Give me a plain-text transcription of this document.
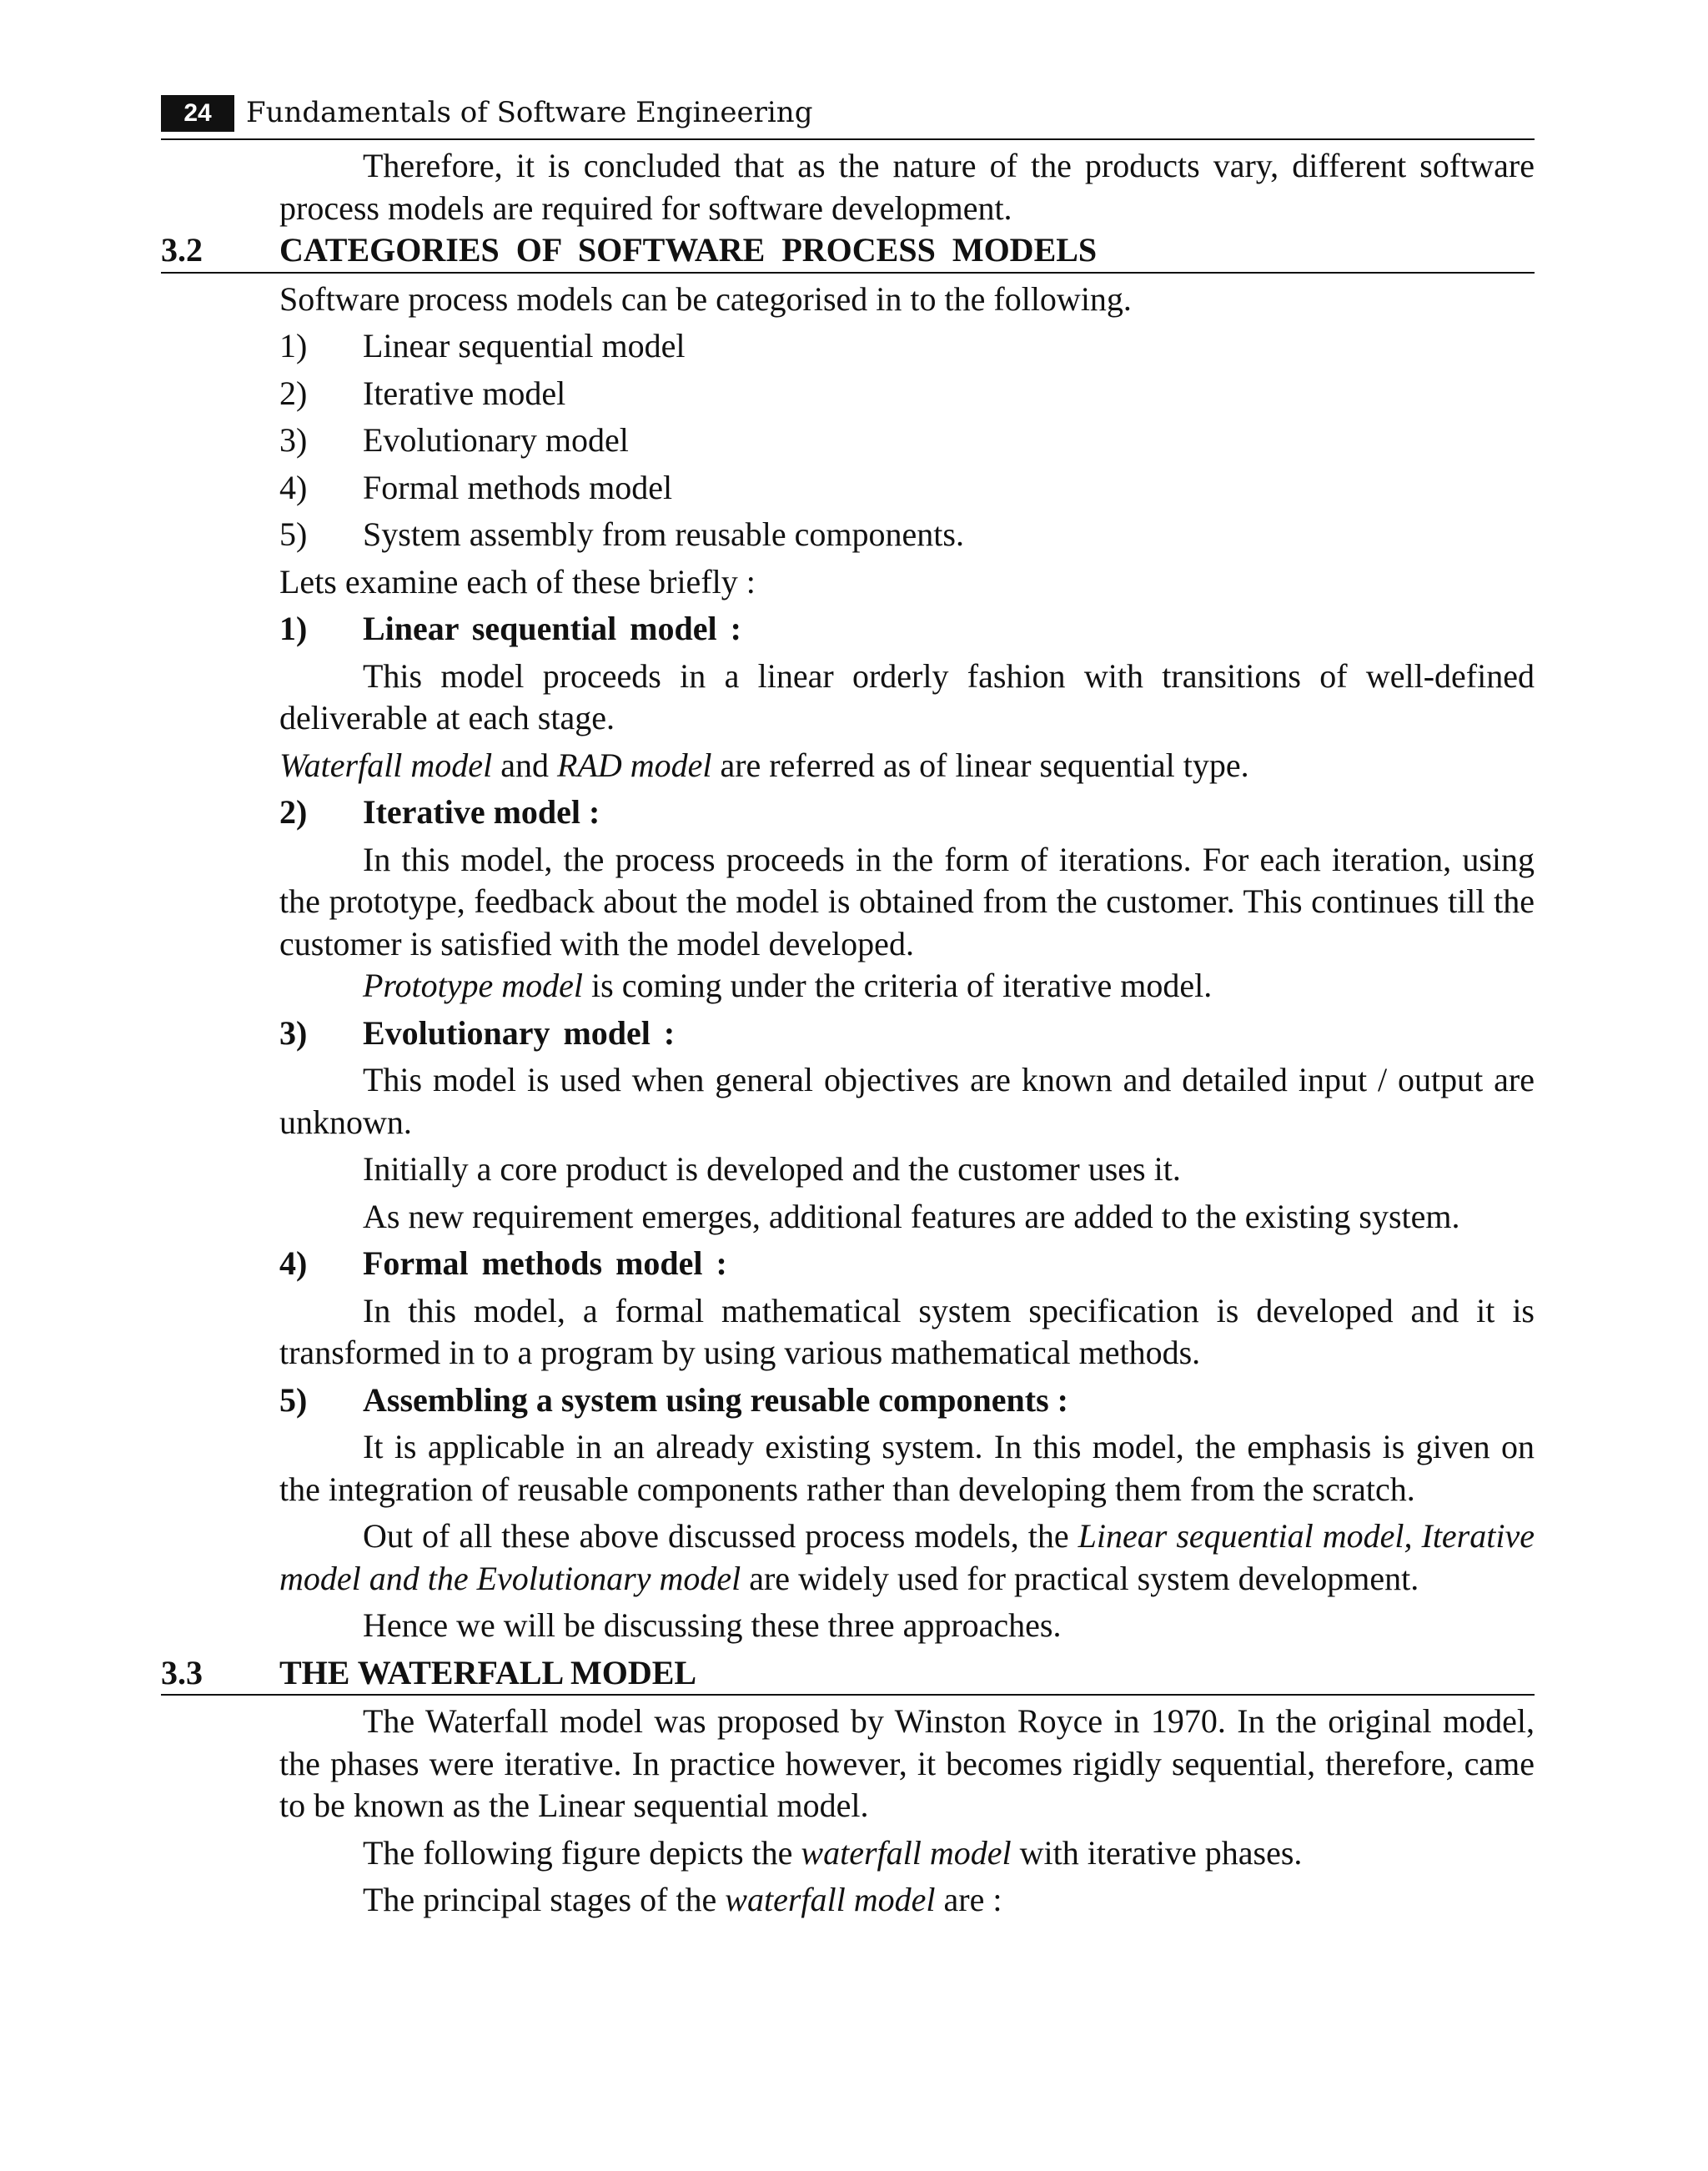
24	Fundamentals of Software Engineering

Therefore, it is concluded that as the nature of the products vary, different software process models are required for software development.

3.2 CATEGORIES OF SOFTWARE PROCESS MODELS

Software process models can be categorised in to the following.

1) Linear sequential model
2) Iterative model
3) Evolutionary model
4) Formal methods model
5) System assembly from reusable components.

Lets examine each of these briefly :

1) Linear sequential model :

This model proceeds in a linear orderly fashion with transitions of well-defined deliverable at each stage.

Waterfall model and RAD model are referred as of linear sequential type.

2) Iterative model :

In this model, the process proceeds in the form of iterations. For each iteration, using the prototype, feedback about the model is obtained from the customer. This continues till the customer is satisfied with the model developed.

Prototype model is coming under the criteria of iterative model.

3) Evolutionary model :

This model is used when general objectives are known and detailed input / output are unknown.

Initially a core product is developed and the customer uses it.

As new requirement emerges, additional features are added to the existing system.

4) Formal methods model :

In this model, a formal mathematical system specification is developed and it is transformed in to a program by using various mathematical methods.

5) Assembling a system using reusable components :

It is applicable in an already existing system. In this model, the emphasis is given on the integration of reusable components rather than developing them from the scratch.

Out of all these above discussed process models, the Linear sequential model, Iterative model and the Evolutionary model are widely used for practical system development.

Hence we will be discussing these three approaches.

3.3 THE WATERFALL MODEL

The Waterfall model was proposed by Winston Royce in 1970. In the original model, the phases were iterative. In practice however, it becomes rigidly sequential, therefore, came to be known as the Linear sequential model.

The following figure depicts the waterfall model with iterative phases.

The principal stages of the waterfall model are :
